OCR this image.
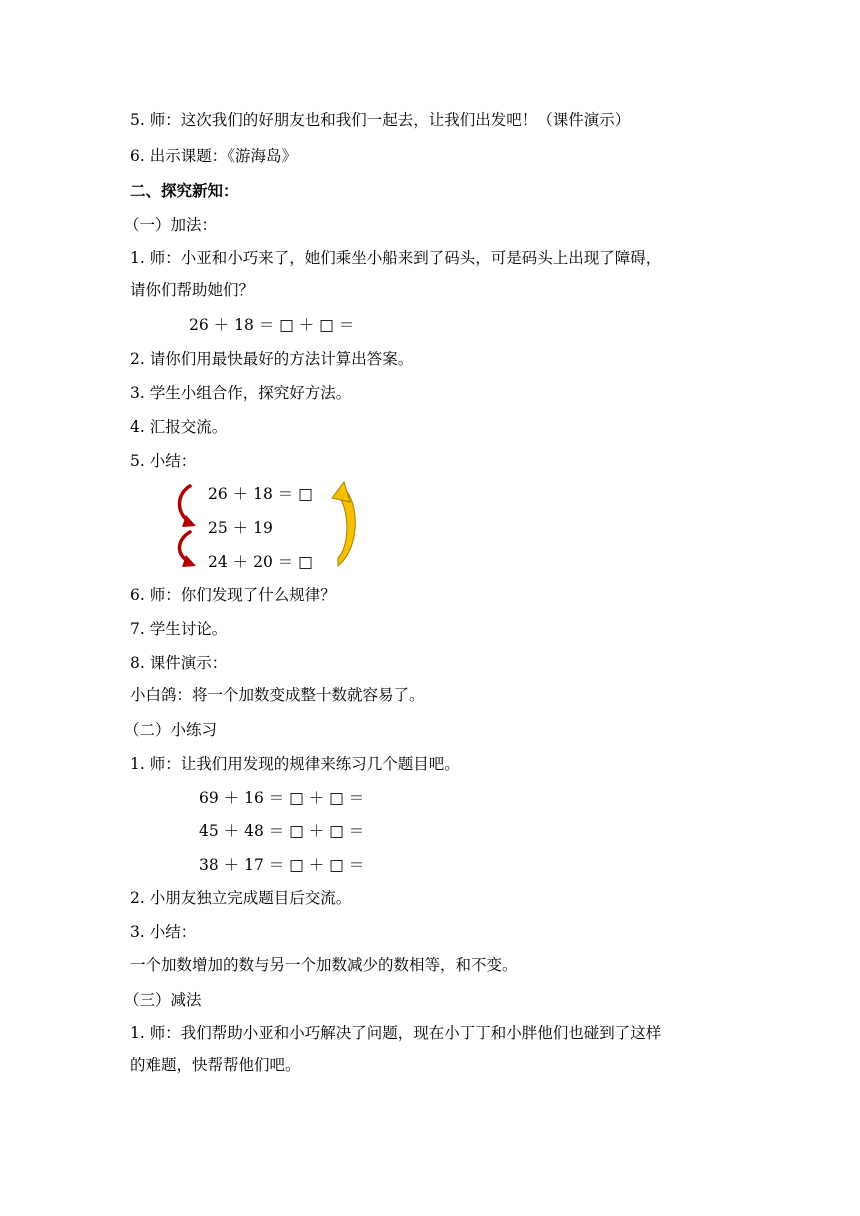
5. 师：这次我们的好朋友也和我们一起去，让我们出发吧！（课件演示）
6. 出示课题：《游海岛》
二、探究新知：
（一）加法：
1. 师：小亚和小巧来了，她们乘坐小船来到了码头，可是码头上出现了障碍，
请你们帮助她们？
26 ＋ 18 ＝ □ ＋ □ ＝
2. 请你们用最快最好的方法计算出答案。
3. 学生小组合作，探究好方法。
4. 汇报交流。
5. 小结：
26 ＋ 18 ＝ □
25 ＋ 19
24 ＋ 20 ＝ □
6. 师：你们发现了什么规律？
7. 学生讨论。
8. 课件演示：
小白鸽：将一个加数变成整十数就容易了。
（二）小练习
1. 师：让我们用发现的规律来练习几个题目吧。
69 ＋ 16 ＝ □ ＋ □ ＝
45 ＋ 48 ＝ □ ＋ □ ＝
38 ＋ 17 ＝ □ ＋ □ ＝
2. 小朋友独立完成题目后交流。
3. 小结：
一个加数增加的数与另一个加数减少的数相等，和不变。
（三）减法
1. 师：我们帮助小亚和小巧解决了问题，现在小丁丁和小胖他们也碰到了这样
的难题，快帮帮他们吧。
